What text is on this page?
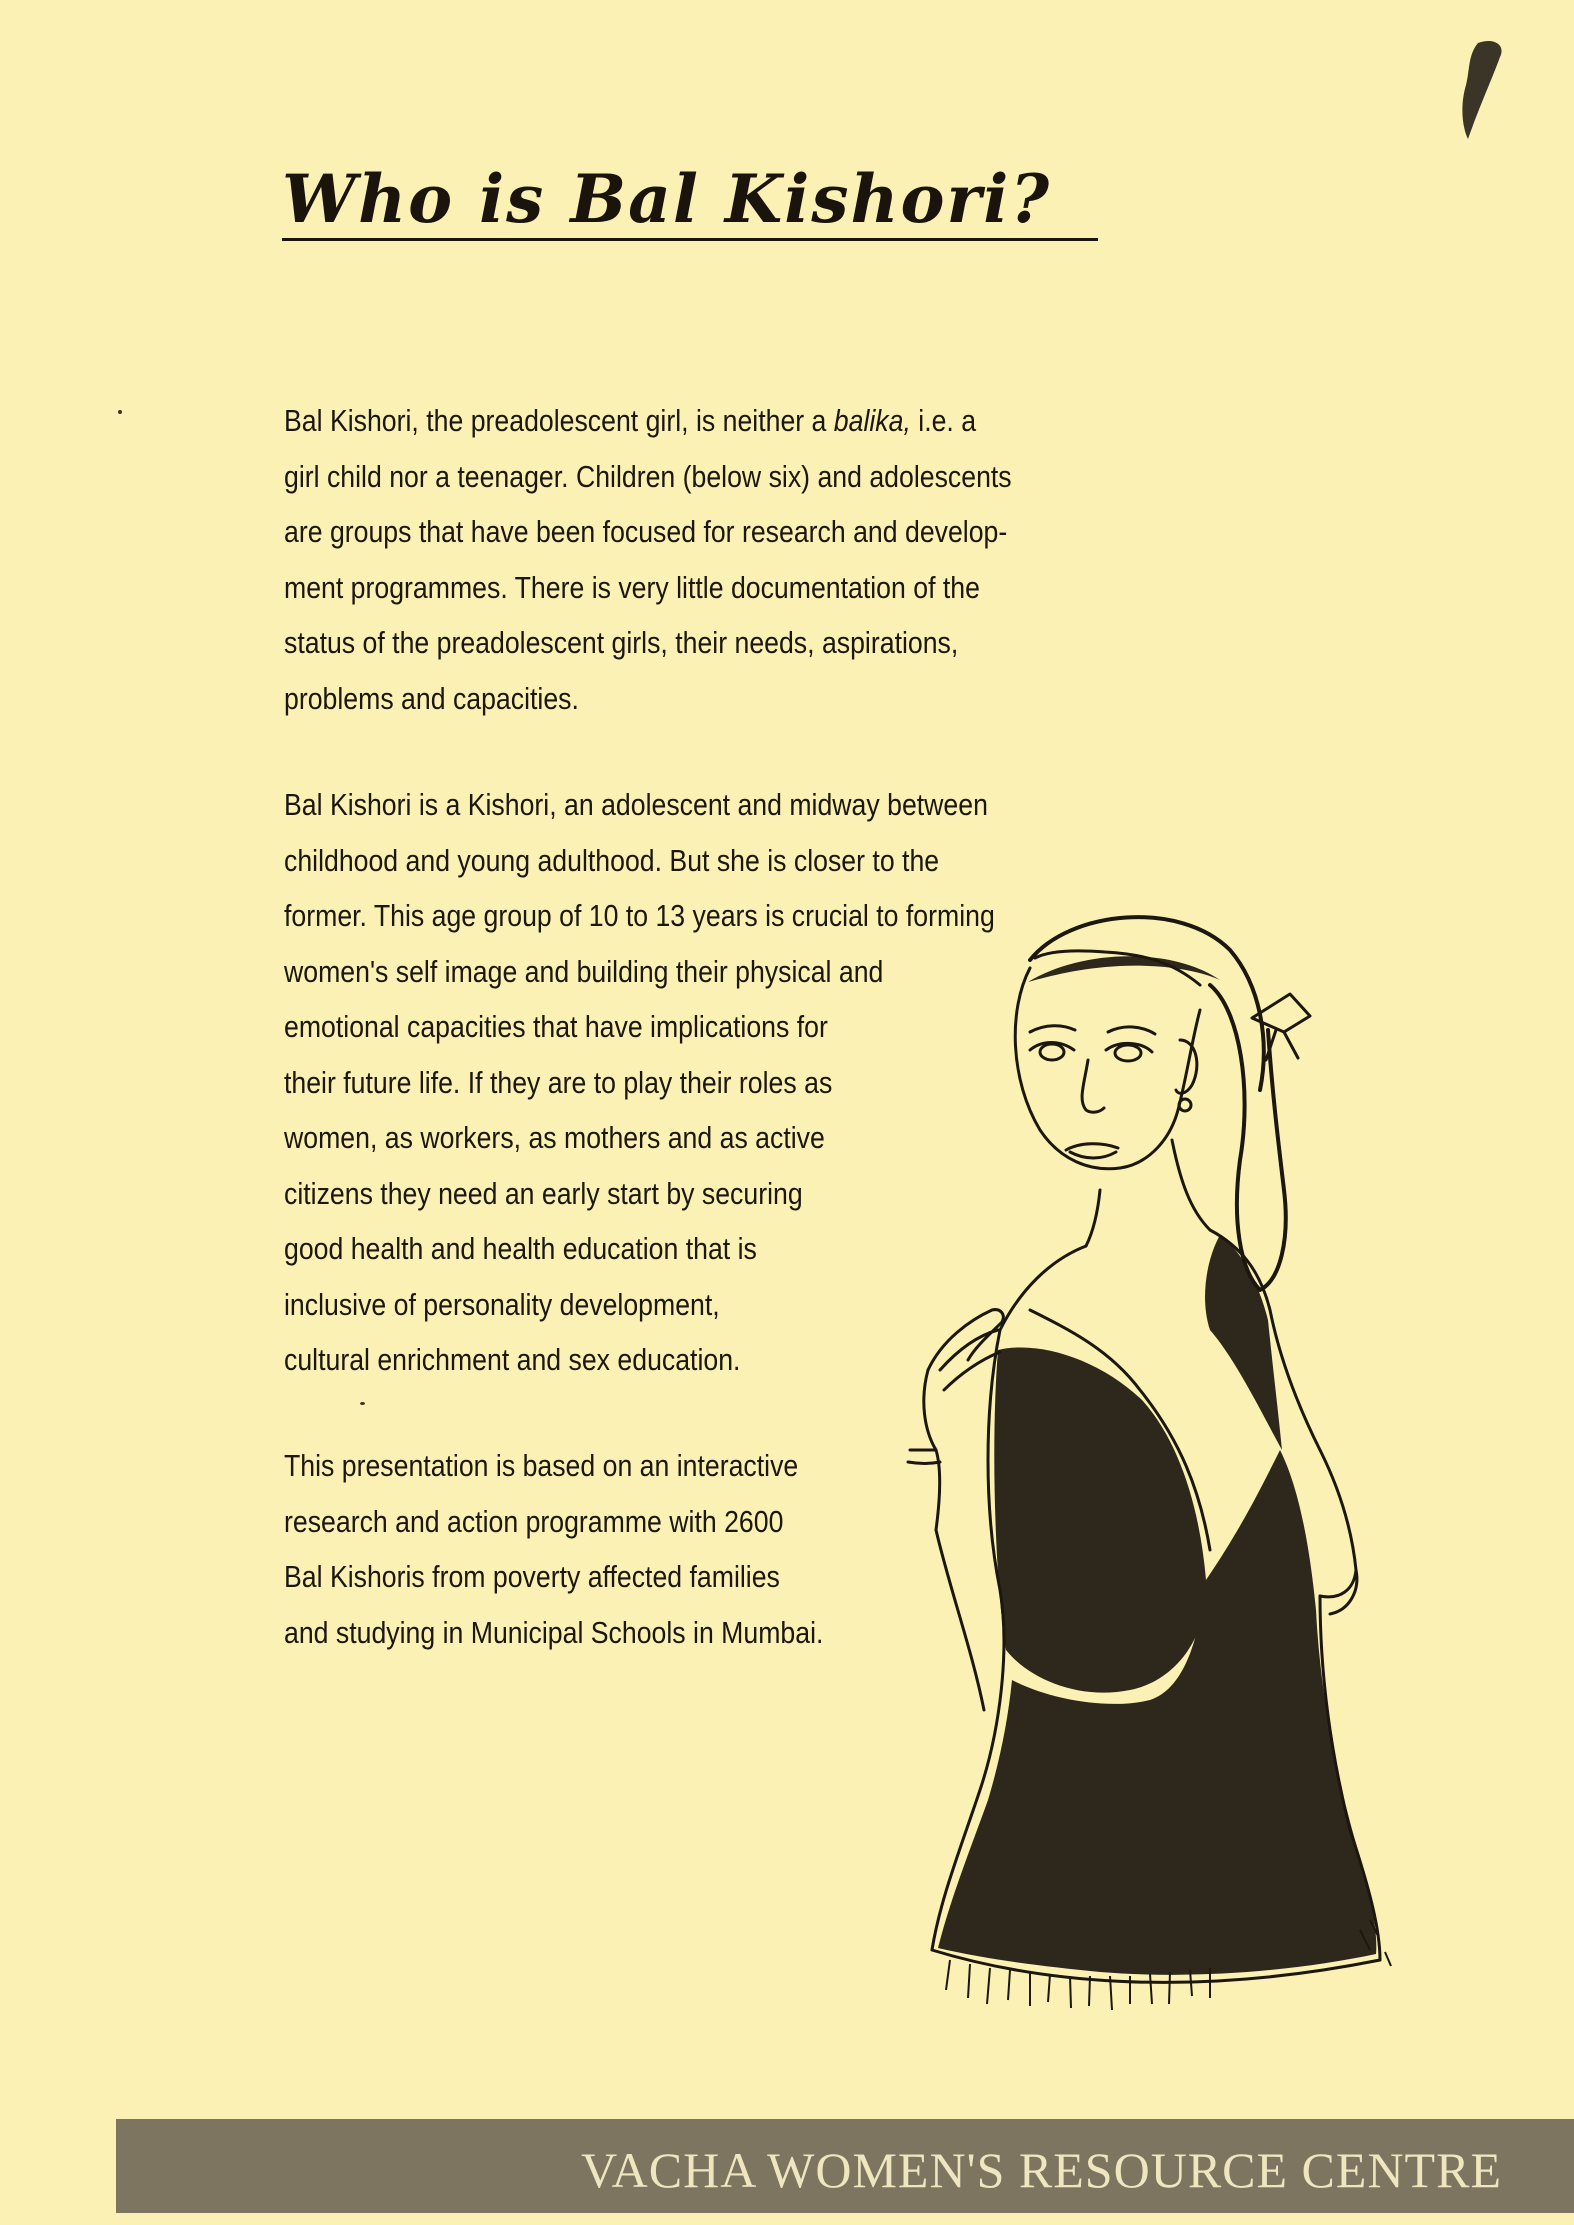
Who is Bal Kishori?
Bal Kishori, the preadolescent girl, is neither a balika, i.e. a
girl child nor a teenager. Children (below six) and adolescents
are groups that have been focused for research and develop-
ment programmes. There is very little documentation of the
status of the preadolescent girls, their needs, aspirations,
problems and capacities.
Bal Kishori is a Kishori, an adolescent and midway between
childhood and young adulthood. But she is closer to the
former. This age group of 10 to 13 years is crucial to forming
women's self image and building their physical and
emotional capacities that have implications for
their future life. If they are to play their roles as
women, as workers, as mothers and as active
citizens they need an early start by securing
good health and health education that is
inclusive of personality development,
cultural enrichment and sex education.
This presentation is based on an interactive
research and action programme with 2600
Bal Kishoris from poverty affected families
and studying in Municipal Schools in Mumbai.
VACHA WOMEN'S RESOURCE CENTRE
